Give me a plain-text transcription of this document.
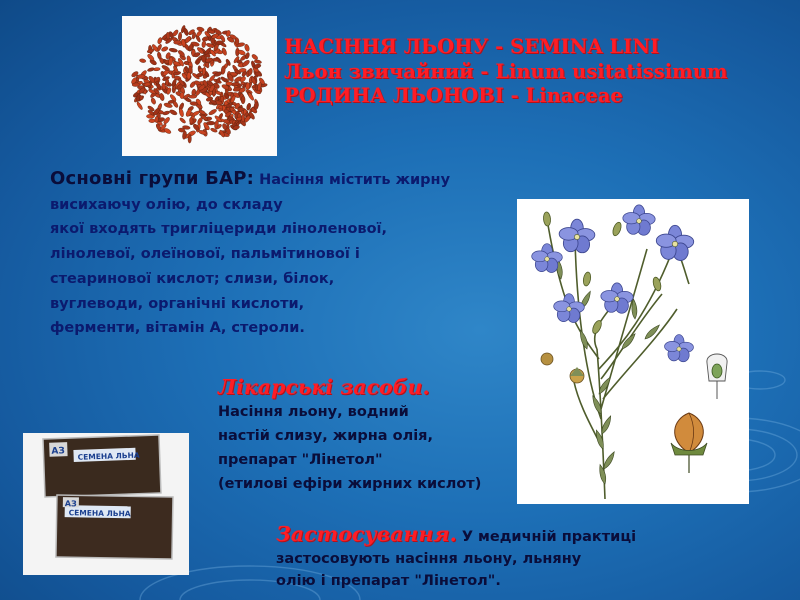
НАСІННЯ ЛЬОНУ - SEMINA LINI
Льон звичайний - Linum usitatissimum
РОДИНА ЛЬОНОВІ - Linaceae
Основні групи БАР: Насіння містить жирну
висихаючу олію, до складу
якої входять тригліцериди ліноленової,
лінолевої, олеїнової, пальмітинової і
стеаринової кислот; слизи, білок,
вуглеводи, органічні кислоти,
ферменти, вітамін А, стероли.
Лікарські засоби.
Насіння льону, водний
настій слизу, жирна олія,
препарат "Лінетол"
(етилові ефіри жирних кислот)
АЗ СЕМЕНА ЛЬНА
АЗ
СЕМЕНА ЛЬНА
Застосування. У медичній практиці
застосовують насіння льону, льняну
олію і препарат "Лінетол".
